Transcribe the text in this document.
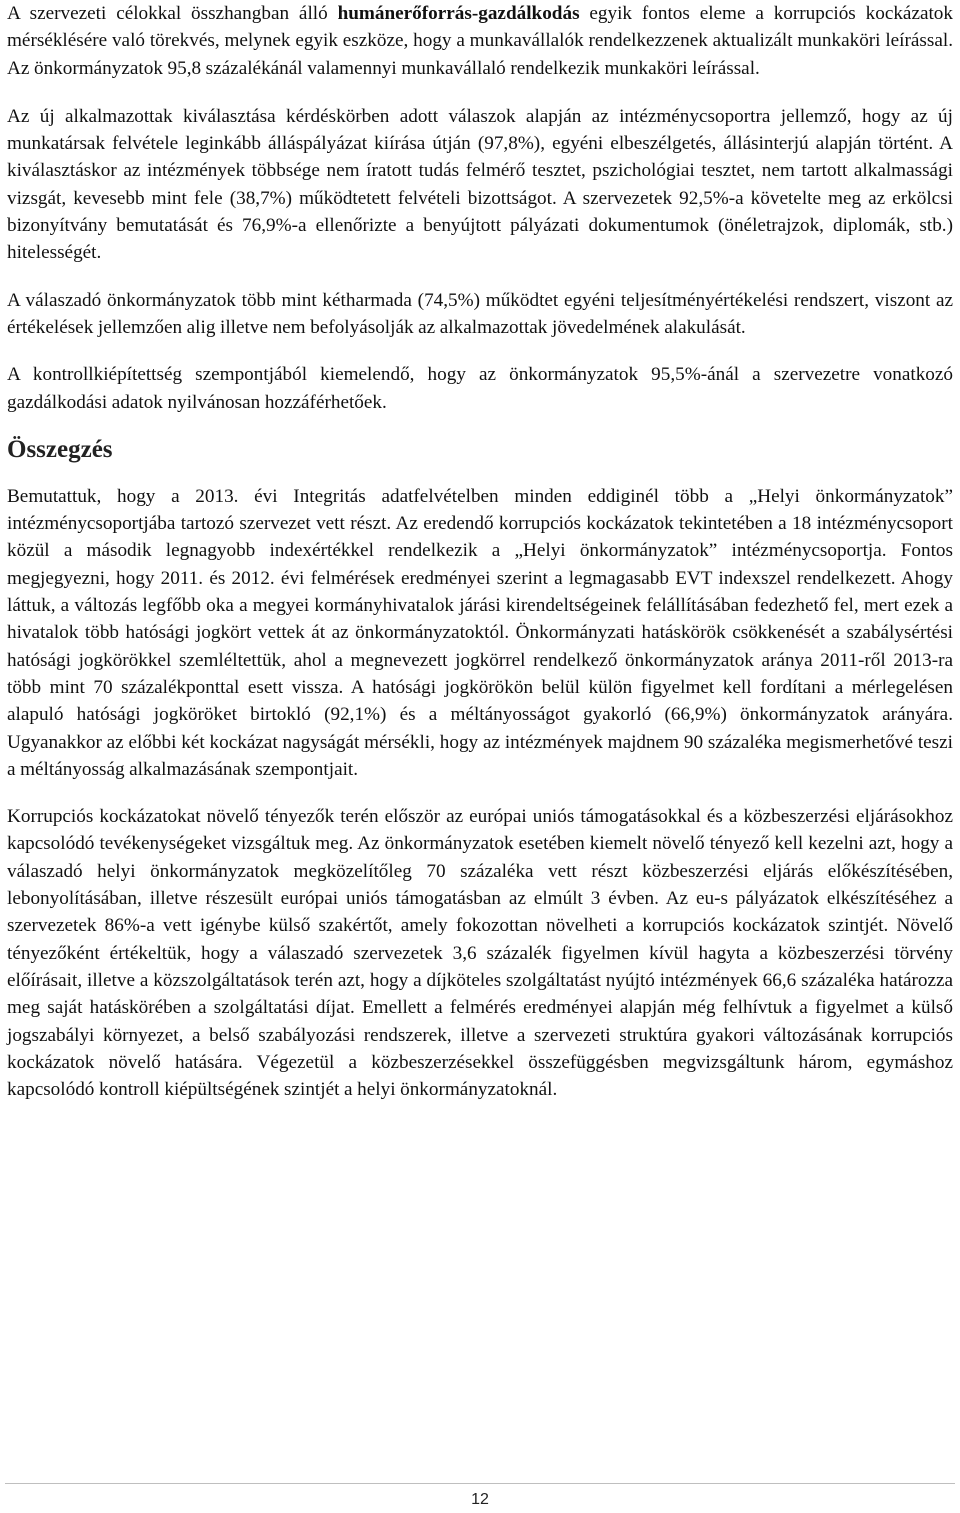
A szervezeti célokkal összhangban álló humánerőforrás-gazdálkodás egyik fontos eleme a korrupciós kockázatok mérséklésére való törekvés, melynek egyik eszköze, hogy a munkavállalók rendelkezzenek aktualizált munkaköri leírással. Az önkormányzatok 95,8 százalékánál valamennyi munkavállaló rendelkezik munkaköri leírással.

Az új alkalmazottak kiválasztása kérdéskörben adott válaszok alapján az intézménycsoportra jellemző, hogy az új munkatársak felvétele leginkább álláspályázat kiírása útján (97,8%), egyéni elbeszélgetés, állásinterjú alapján történt. A kiválasztáskor az intézmények többsége nem íratott tudás felmérő tesztet, pszichológiai tesztet, nem tartott alkalmassági vizsgát, kevesebb mint fele (38,7%) működtetett felvételi bizottságot. A szervezetek 92,5%-a követelte meg az erkölcsi bizonyítvány bemutatását és 76,9%-a ellenőrizte a benyújtott pályázati dokumentumok (önéletrajzok, diplomák, stb.) hitelességét.

A válaszadó önkormányzatok több mint kétharmada (74,5%) működtet egyéni teljesítményértékelési rendszert, viszont az értékelések jellemzően alig illetve nem befolyásolják az alkalmazottak jövedelmének alakulását.

A kontrollkiépítettség szempontjából kiemelendő, hogy az önkormányzatok 95,5%-ánál a szervezetre vonatkozó gazdálkodási adatok nyilvánosan hozzáférhetőek.

Összegzés

Bemutattuk, hogy a 2013. évi Integritás adatfelvételben minden eddiginél több a „Helyi önkormányzatok” intézménycsoportjába tartozó szervezet vett részt. Az eredendő korrupciós kockázatok tekintetében a 18 intézménycsoport közül a második legnagyobb indexértékkel rendelkezik a „Helyi önkormányzatok” intézménycsoportja. Fontos megjegyezni, hogy 2011. és 2012. évi felmérések eredményei szerint a legmagasabb EVT indexszel rendelkezett. Ahogy láttuk, a változás legfőbb oka a megyei kormányhivatalok járási kirendeltségeinek felállításában fedezhető fel, mert ezek a hivatalok több hatósági jogkört vettek át az önkormányzatoktól. Önkormányzati hatáskörök csökkenését a szabálysértési hatósági jogkörökkel szemléltettük, ahol a megnevezett jogkörrel rendelkező önkormányzatok aránya 2011-ről 2013-ra több mint 70 százalékponttal esett vissza. A hatósági jogkörökön belül külön figyelmet kell fordítani a mérlegelésen alapuló hatósági jogköröket birtokló (92,1%) és a méltányosságot gyakorló (66,9%) önkormányzatok arányára. Ugyanakkor az előbbi két kockázat nagyságát mérsékli, hogy az intézmények majdnem 90 százaléka megismerhetővé teszi a méltányosság alkalmazásának szempontjait.

Korrupciós kockázatokat növelő tényezők terén először az európai uniós támogatásokkal és a közbeszerzési eljárásokhoz kapcsolódó tevékenységeket vizsgáltuk meg. Az önkormányzatok esetében kiemelt növelő tényező kell kezelni azt, hogy a válaszadó helyi önkormányzatok megközelítőleg 70 százaléka vett részt közbeszerzési eljárás előkészítésében, lebonyolításában, illetve részesült európai uniós támogatásban az elmúlt 3 évben. Az eu-s pályázatok elkészítéséhez a szervezetek 86%-a vett igénybe külső szakértőt, amely fokozottan növelheti a korrupciós kockázatok szintjét. Növelő tényezőként értékeltük, hogy a válaszadó szervezetek 3,6 százalék figyelmen kívül hagyta a közbeszerzési törvény előírásait, illetve a közszolgáltatások terén azt, hogy a díjköteles szolgáltatást nyújtó intézmények 66,6 százaléka határozza meg saját hatáskörében a szolgáltatási díjat. Emellett a felmérés eredményei alapján még felhívtuk a figyelmet a külső jogszabályi környezet, a belső szabályozási rendszerek, illetve a szervezeti struktúra gyakori változásának korrupciós kockázatok növelő hatására. Végezetül a közbeszerzésekkel összefüggésben megvizsgáltunk három, egymáshoz kapcsolódó kontroll kiépültségének szintjét a helyi önkormányzatoknál.

12
